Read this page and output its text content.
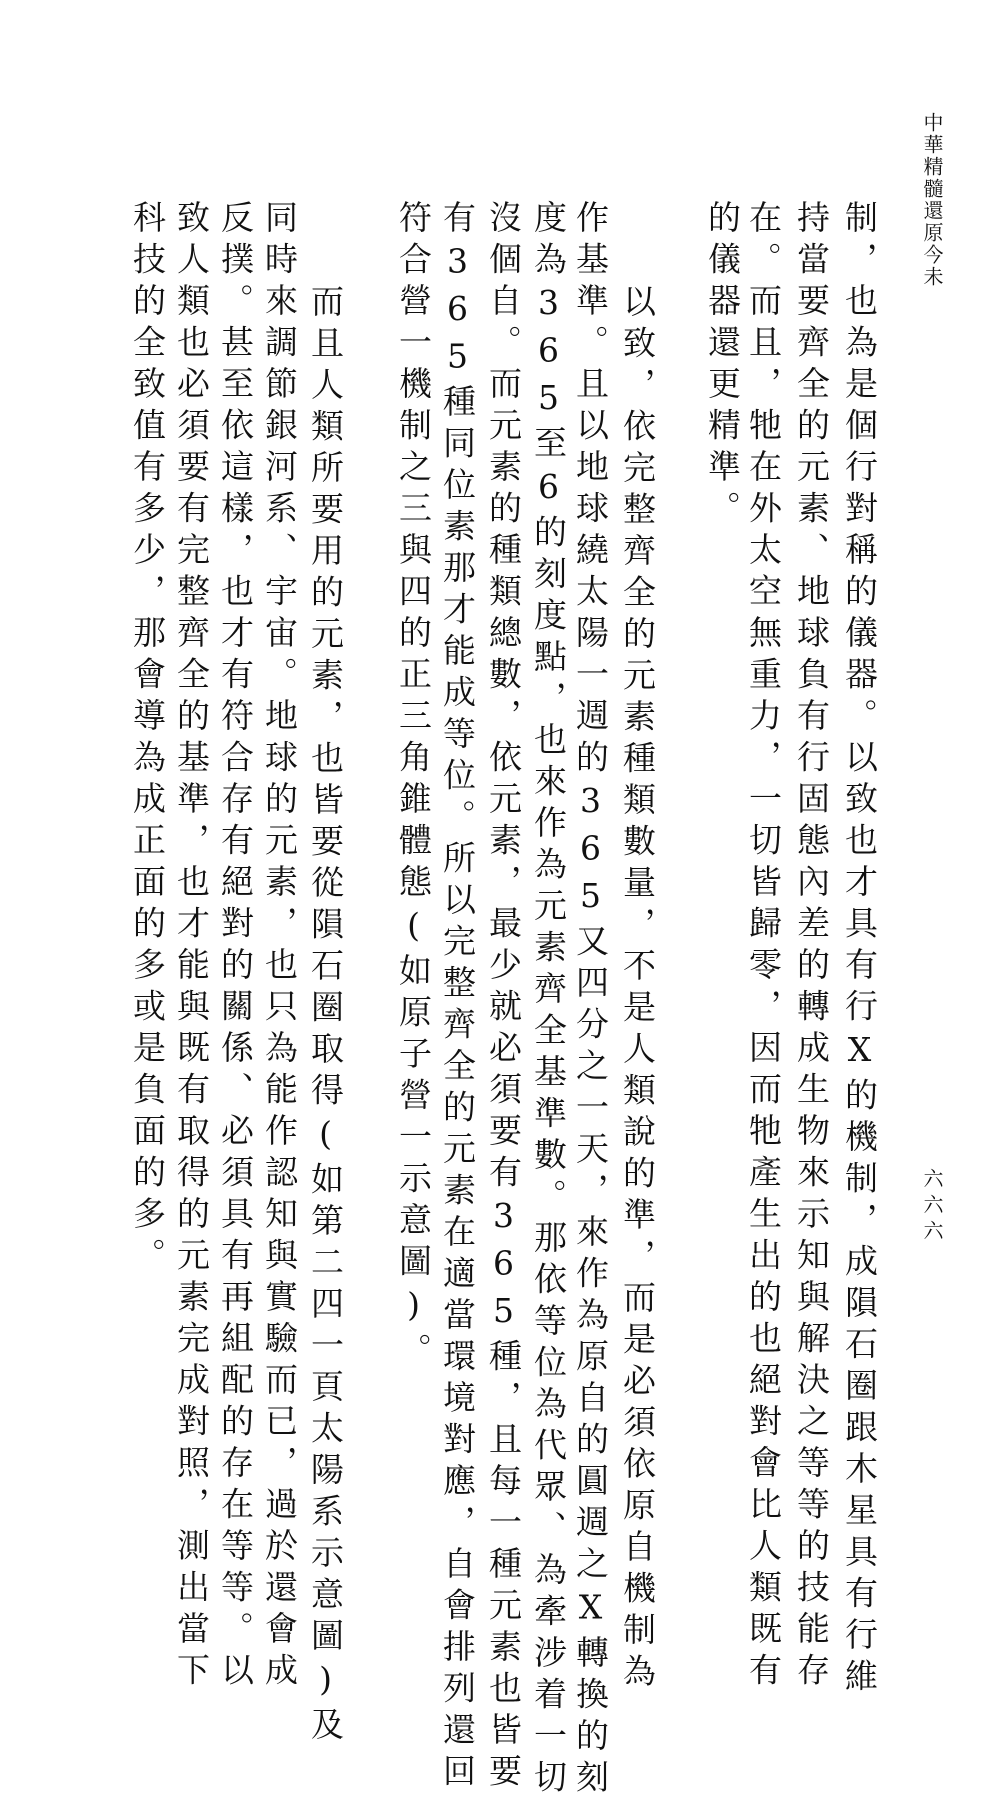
中華精髓還原今未
六六六

制，也為是個行對稱的儀器。以致也才具有行X的機制，成隕石圈跟木星具有行維

持當要齊全的元素、地球負有行固態內差的轉成生物來示知與解決之等等的技能存

在。而且，牠在外太空無重力，一切皆歸零，因而牠產生出的也絕對會比人類既有

的儀器還更精準。

以致，依完整齊全的元素種類數量，不是人類說的準，而是必須依原自機制為

作基準。且以地球繞太陽一週的365又四分之一天，來作為原自的圓週之X轉換的刻

度為365至6的刻度點，也來作為元素齊全基準數。那依等位為代眾、為牽涉着一切

沒個自。而元素的種類總數，依元素，最少就必須要有365種，且每一種元素也皆要

有365種同位素那才能成等位。所以完整齊全的元素在適當環境對應，自會排列還回

符合營一機制之三與四的正三角錐體態(如原子營一示意圖)。

而且人類所要用的元素，也皆要從隕石圈取得(如第二四一頁太陽系示意圖)及

同時來調節銀河系、宇宙。地球的元素，也只為能作認知與實驗而已，過於還會成

反撲。甚至依這樣，也才有符合存有絕對的關係、必須具有再組配的存在等等。以

致人類也必須要有完整齊全的基準，也才能與既有取得的元素完成對照，測出當下

科技的全致值有多少，那會導為成正面的多或是負面的多。
